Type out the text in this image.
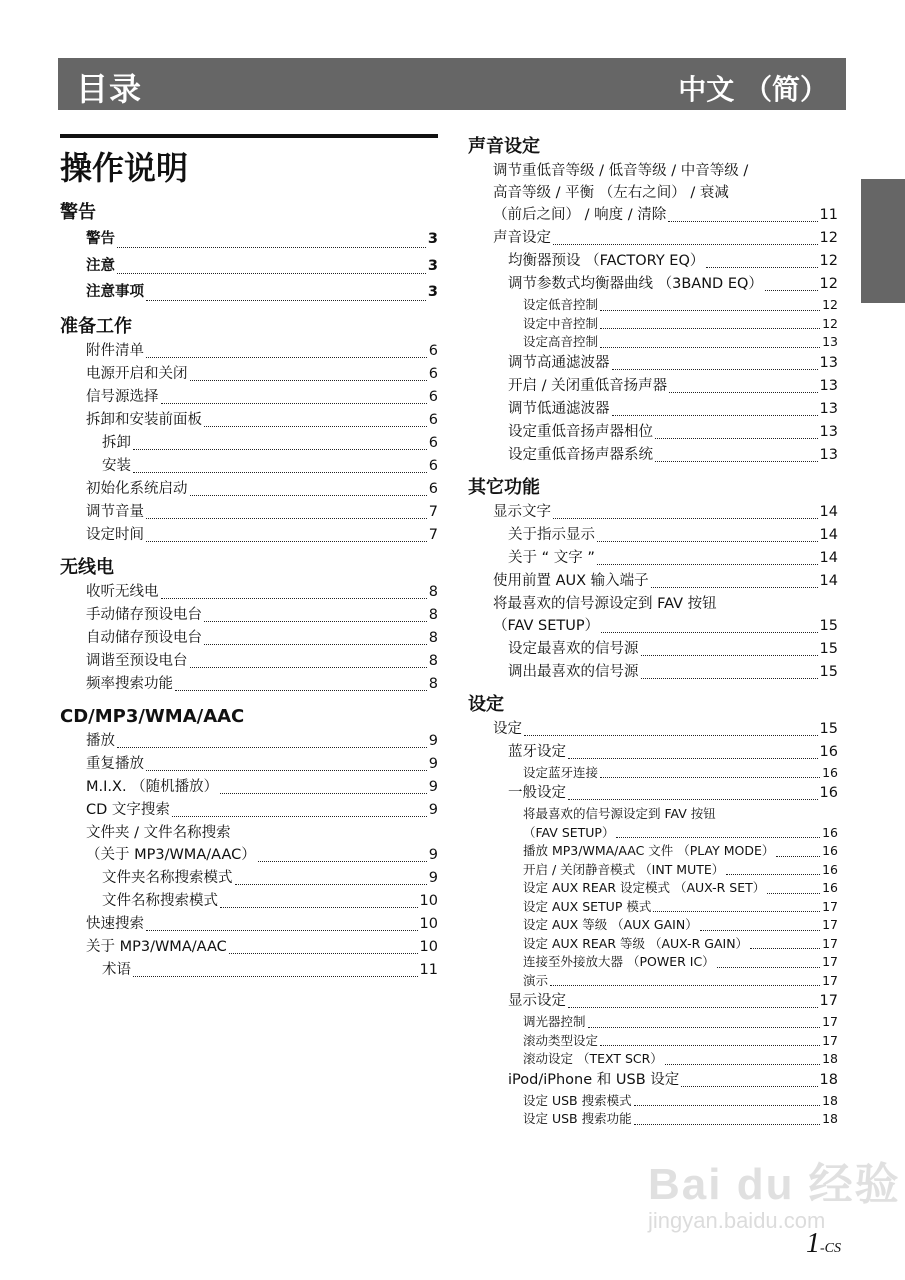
目录	中文 （简）
操作说明
警告
警告	3
注意	3
注意事项	3
准备工作
附件清单	6
电源开启和关闭	6
信号源选择	6
拆卸和安装前面板	6
拆卸	6
安装	6
初始化系统启动	6
调节音量	7
设定时间	7
无线电
收听无线电	8
手动储存预设电台	8
自动储存预设电台	8
调谐至预设电台	8
频率搜索功能	8
CD/MP3/WMA/AAC
播放	9
重复播放	9
M.I.X. （随机播放）	9
CD 文字搜索	9
文件夹 / 文件名称搜索
（关于 MP3/WMA/AAC）	9
文件夹名称搜索模式	9
文件名称搜索模式	10
快速搜索	10
关于 MP3/WMA/AAC	10
术语	11
声音设定
调节重低音等级 / 低音等级 / 中音等级 /
高音等级 / 平衡 （左右之间） / 衰减
（前后之间） / 响度 / 清除	11
声音设定	12
均衡器预设 （FACTORY EQ）	12
调节参数式均衡器曲线 （3BAND EQ）	12
设定低音控制	12
设定中音控制	12
设定高音控制	13
调节高通滤波器	13
开启 / 关闭重低音扬声器	13
调节低通滤波器	13
设定重低音扬声器相位	13
设定重低音扬声器系统	13
其它功能
显示文字	14
关于指示显示	14
关于 “ 文字 ”	14
使用前置 AUX 输入端子	14
将最喜欢的信号源设定到 FAV 按钮
（FAV SETUP）	15
设定最喜欢的信号源	15
调出最喜欢的信号源	15
设定
设定	15
蓝牙设定	16
设定蓝牙连接	16
一般设定	16
将最喜欢的信号源设定到 FAV 按钮
（FAV SETUP）	16
播放 MP3/WMA/AAC 文件 （PLAY MODE）	16
开启 / 关闭静音模式 （INT MUTE）	16
设定 AUX REAR 设定模式 （AUX-R SET）	16
设定 AUX SETUP 模式	17
设定 AUX 等级 （AUX GAIN）	17
设定 AUX REAR 等级 （AUX-R GAIN）	17
连接至外接放大器 （POWER IC）	17
演示	17
显示设定	17
调光器控制	17
滚动类型设定	17
滚动设定 （TEXT SCR）	18
iPod/iPhone 和 USB 设定	18
设定 USB 搜索模式	18
设定 USB 搜索功能	18
Bai du 经验
jingyan.baidu.com
1-CS
